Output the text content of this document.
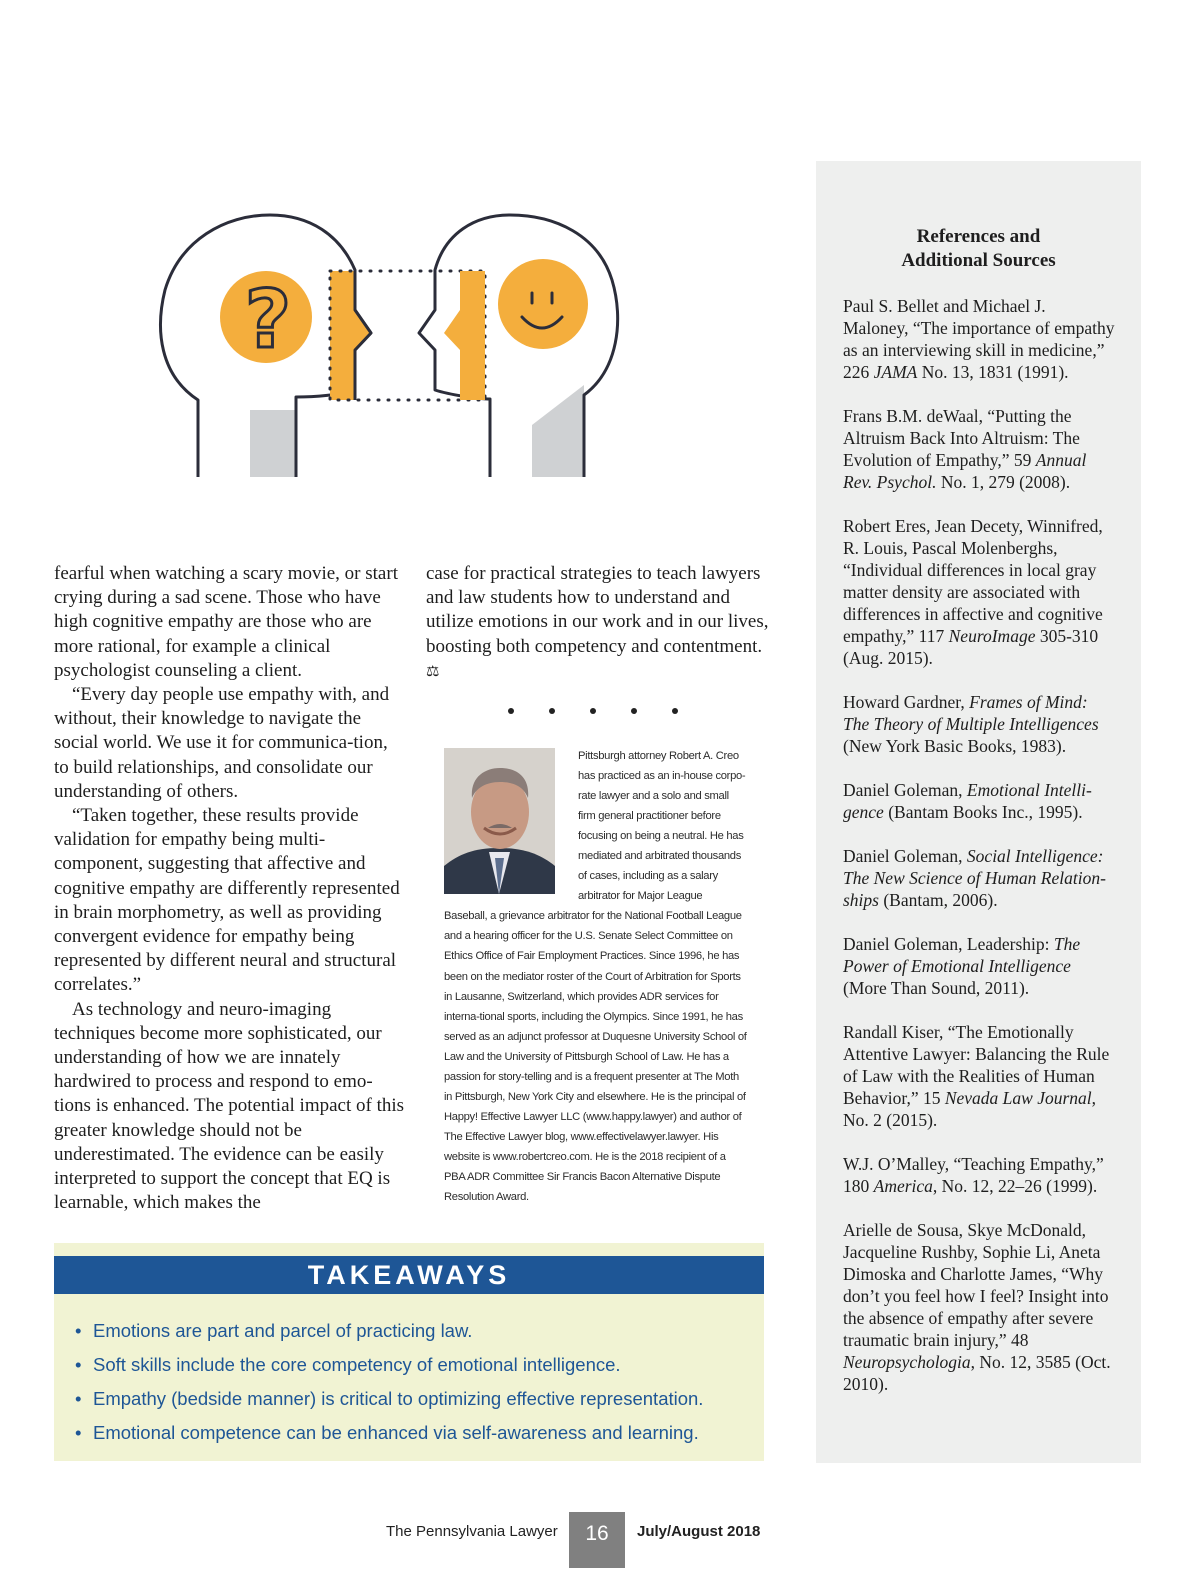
?

fearful when watching a scary movie, or start crying during a sad scene. Those who have high cognitive empathy are those who are more rational, for example a clinical psychologist counseling a client.

“Every day people use empathy with, and without, their knowledge to navigate the social world. We use it for communica-tion, to build relationships, and consolidate our understanding of others.

“Taken together, these results provide validation for empathy being multi-component, suggesting that affective and cognitive empathy are differently represented in brain morphometry, as well as providing convergent evidence for empathy being represented by different neural and structural correlates.”

As technology and neuro-imaging techniques become more sophisticated, our understanding of how we are innately hardwired to process and respond to emo-tions is enhanced. The potential impact of this greater knowledge should not be underestimated. The evidence can be easily interpreted to support the concept that EQ is learnable, which makes the

case for practical strategies to teach lawyers and law students how to understand and utilize emotions in our work and in our lives, boosting both competency and contentment. ⚖

Pittsburgh attorney Robert A. Creo has practiced as an in-house corpo-rate lawyer and a solo and small firm general practitioner before focusing on being a neutral. He has mediated and arbitrated thousands of cases, including as a salary arbitrator for Major League Baseball, a grievance arbitrator for the National Football League and a hearing officer for the U.S. Senate Select Committee on Ethics Office of Fair Employment Practices. Since 1996, he has been on the mediator roster of the Court of Arbitration for Sports in Lausanne, Switzerland, which provides ADR services for interna-tional sports, including the Olympics. Since 1991, he has served as an adjunct professor at Duquesne University School of Law and the University of Pittsburgh School of Law. He has a passion for story-telling and is a frequent presenter at The Moth in Pittsburgh, New York City and elsewhere. He is the principal of Happy! Effective Lawyer LLC (www.happy.lawyer) and author of The Effective Lawyer blog, www.effectivelawyer.lawyer. His website is www.robertcreo.com. He is the 2018 recipient of a PBA ADR Committee Sir Francis Bacon Alternative Dispute Resolution Award.
References and
Additional Sources

Paul S. Bellet and Michael J. Maloney, “The importance of empathy as an interviewing skill in medicine,” 226 JAMA No. 13, 1831 (1991).

Frans B.M. deWaal, “Putting the Altruism Back Into Altruism: The Evolution of Empathy,” 59 Annual Rev. Psychol. No. 1, 279 (2008).

Robert Eres, Jean Decety, Winnifred, R. Louis, Pascal Molenberghs, “Individual differences in local gray matter density are associated with differences in affective and cognitive empathy,” 117 NeuroImage 305-310 (Aug. 2015).

Howard Gardner, Frames of Mind: The Theory of Multiple Intelligences (New York Basic Books, 1983).

Daniel Goleman, Emotional Intelli-gence (Bantam Books Inc., 1995).

Daniel Goleman, Social Intelligence: The New Science of Human Relation-ships (Bantam, 2006).

Daniel Goleman, Leadership: The Power of Emotional Intelligence (More Than Sound, 2011).

Randall Kiser, “The Emotionally Attentive Lawyer: Balancing the Rule of Law with the Realities of Human Behavior,” 15 Nevada Law Journal, No. 2 (2015).

W.J. O’Malley, “Teaching Empathy,” 180 America, No. 12, 22–26 (1999).

Arielle de Sousa, Skye McDonald, Jacqueline Rushby, Sophie Li, Aneta Dimoska and Charlotte James, “Why don’t you feel how I feel? Insight into the absence of empathy after severe traumatic brain injury,” 48 Neuropsychologia, No. 12, 3585 (Oct. 2010).

TAKEAWAYS
• Emotions are part and parcel of practicing law.
• Soft skills include the core competency of emotional intelligence.
• Empathy (bedside manner) is critical to optimizing effective representation.
• Emotional competence can be enhanced via self-awareness and learning.
The Pennsylvania Lawyer	16	July/August 2018
